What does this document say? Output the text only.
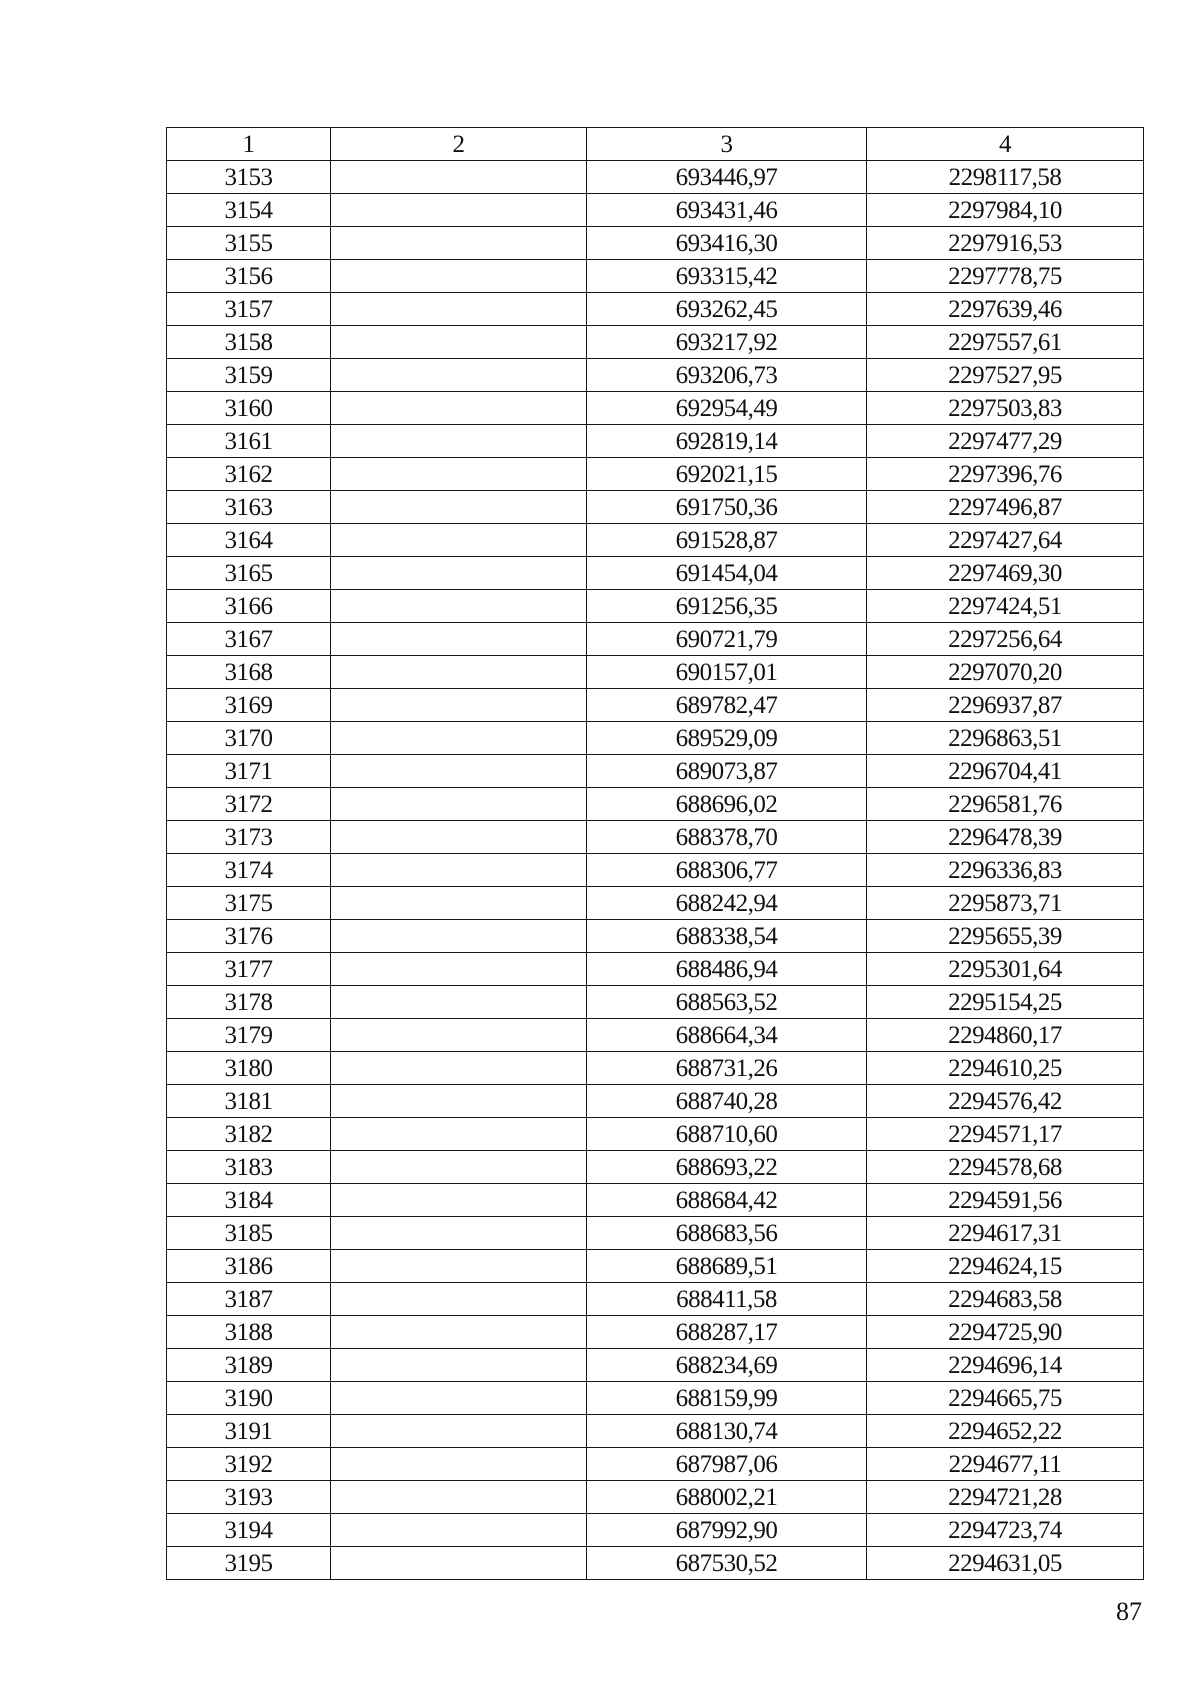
1	2	3	4
3153		693446,97	2298117,58
3154		693431,46	2297984,10
3155		693416,30	2297916,53
3156		693315,42	2297778,75
3157		693262,45	2297639,46
3158		693217,92	2297557,61
3159		693206,73	2297527,95
3160		692954,49	2297503,83
3161		692819,14	2297477,29
3162		692021,15	2297396,76
3163		691750,36	2297496,87
3164		691528,87	2297427,64
3165		691454,04	2297469,30
3166		691256,35	2297424,51
3167		690721,79	2297256,64
3168		690157,01	2297070,20
3169		689782,47	2296937,87
3170		689529,09	2296863,51
3171		689073,87	2296704,41
3172		688696,02	2296581,76
3173		688378,70	2296478,39
3174		688306,77	2296336,83
3175		688242,94	2295873,71
3176		688338,54	2295655,39
3177		688486,94	2295301,64
3178		688563,52	2295154,25
3179		688664,34	2294860,17
3180		688731,26	2294610,25
3181		688740,28	2294576,42
3182		688710,60	2294571,17
3183		688693,22	2294578,68
3184		688684,42	2294591,56
3185		688683,56	2294617,31
3186		688689,51	2294624,15
3187		688411,58	2294683,58
3188		688287,17	2294725,90
3189		688234,69	2294696,14
3190		688159,99	2294665,75
3191		688130,74	2294652,22
3192		687987,06	2294677,11
3193		688002,21	2294721,28
3194		687992,90	2294723,74
3195		687530,52	2294631,05
87
